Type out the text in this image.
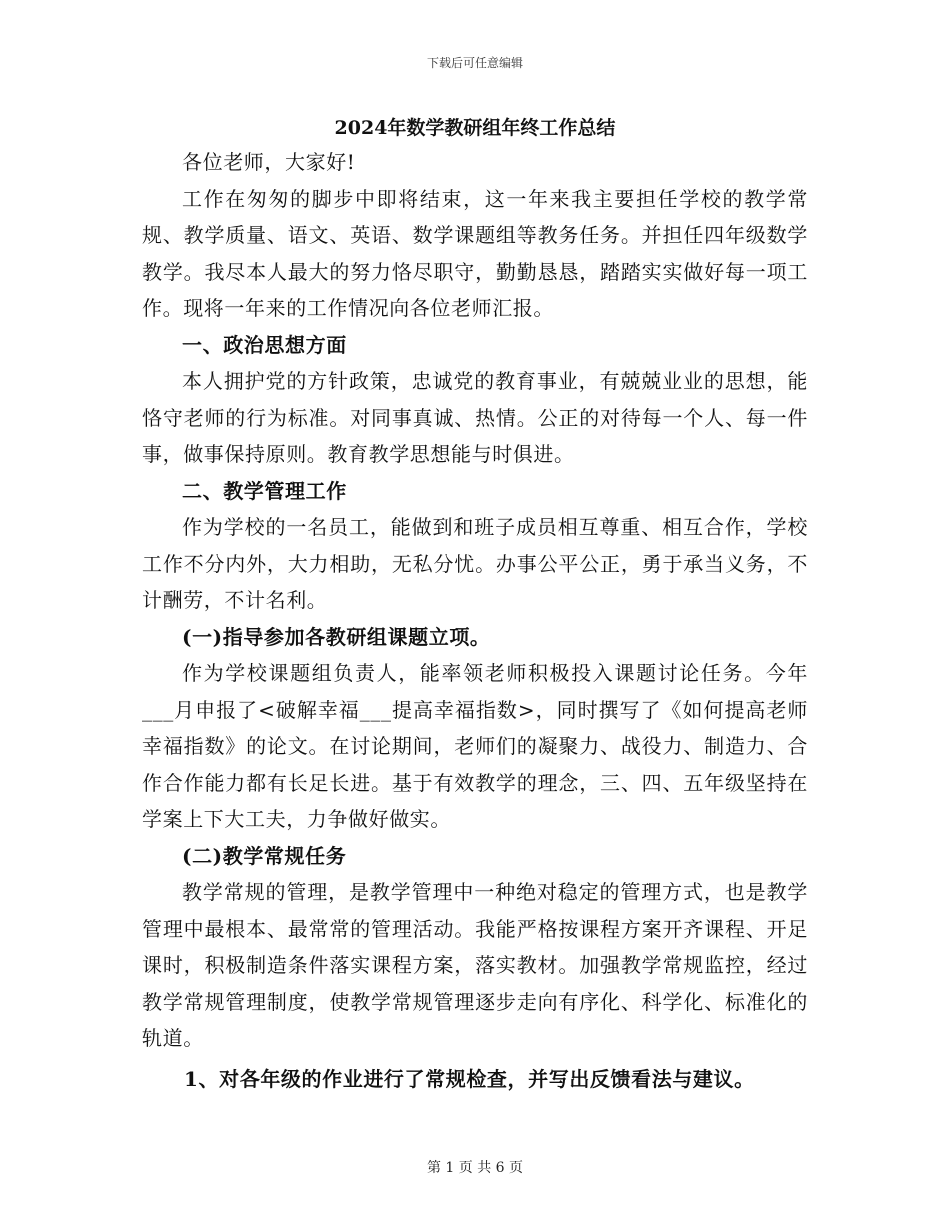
下载后可任意编辑
2024年数学教研组年终工作总结

各位老师，大家好!

工作在匆匆的脚步中即将结束，这一年来我主要担任学校的教学常规、教学质量、语文、英语、数学课题组等教务任务。并担任四年级数学教学。我尽本人最大的努力恪尽职守，勤勤恳恳，踏踏实实做好每一项工作。现将一年来的工作情况向各位老师汇报。

一、政治思想方面

本人拥护党的方针政策，忠诚党的教育事业，有兢兢业业的思想，能恪守老师的行为标准。对同事真诚、热情。公正的对待每一个人、每一件事，做事保持原则。教育教学思想能与时俱进。

二、教学管理工作

作为学校的一名员工，能做到和班子成员相互尊重、相互合作，学校工作不分内外，大力相助，无私分忧。办事公平公正，勇于承当义务，不计酬劳，不计名利。

(一)指导参加各教研组课题立项。

作为学校课题组负责人，能率领老师积极投入课题讨论任务。今年___月申报了<破解幸福___提高幸福指数>，同时撰写了《如何提高老师幸福指数》的论文。在讨论期间，老师们的凝聚力、战役力、制造力、合作合作能力都有长足长进。基于有效教学的理念，三、四、五年级坚持在学案上下大工夫，力争做好做实。

(二)教学常规任务

教学常规的管理，是教学管理中一种绝对稳定的管理方式，也是教学管理中最根本、最常常的管理活动。我能严格按课程方案开齐课程、开足课时，积极制造条件落实课程方案，落实教材。加强教学常规监控，经过教学常规管理制度，使教学常规管理逐步走向有序化、科学化、标准化的轨道。

1、对各年级的作业进行了常规检查，并写出反馈看法与建议。

第 1 页 共 6 页
